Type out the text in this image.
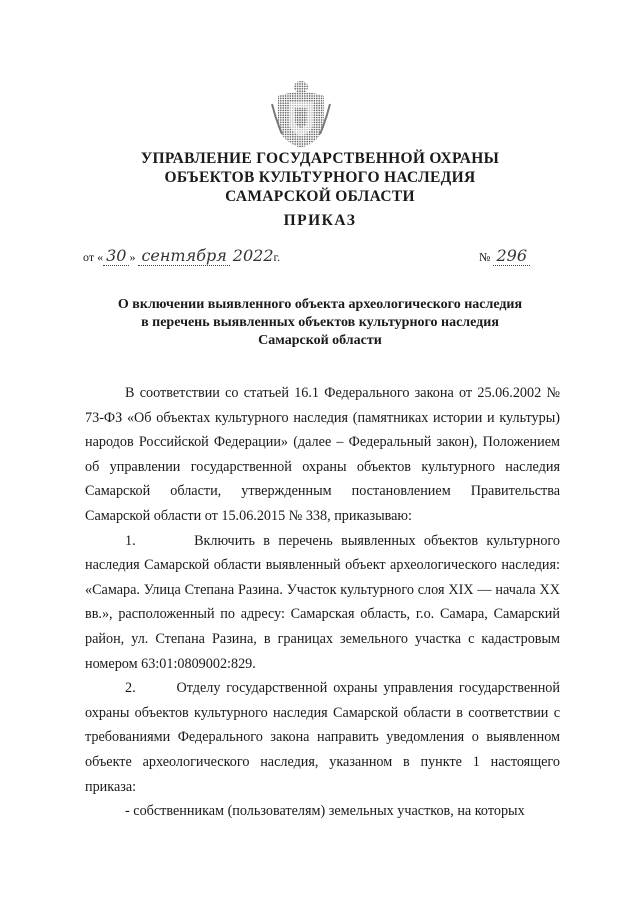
УПРАВЛЕНИЕ ГОСУДАРСТВЕННОЙ ОХРАНЫ
ОБЪЕКТОВ КУЛЬТУРНОГО НАСЛЕДИЯ
САМАРСКОЙ ОБЛАСТИ
ПРИКАЗ
от « 30 » сентября 2022г.	№ 296
О включении выявленного объекта археологического наследия
в перечень выявленных объектов культурного наследия
Самарской области

В соответствии со статьей 16.1 Федерального закона от 25.06.2002 № 73-ФЗ «Об объектах культурного наследия (памятниках истории и культуры) народов Российской Федерации» (далее – Федеральный закон), Положением об управлении государственной охраны объектов культурного наследия Самарской области, утвержденным постановлением Правительства Самарской области от 15.06.2015 № 338, приказываю:

1.       Включить в перечень выявленных объектов культурного наследия Самарской области выявленный объект археологического наследия: «Самара. Улица Степана Разина. Участок культурного слоя XIX — начала XX вв.», расположенный по адресу: Самарская область, г.о. Самара, Самарский район, ул. Степана Разина, в границах земельного участка с кадастровым номером 63:01:0809002:829.

2.       Отделу государственной охраны управления государственной охраны объектов культурного наследия Самарской области в соответствии с требованиями Федерального закона направить уведомления о выявленном объекте археологического наследия, указанном в пункте 1 настоящего приказа:

- собственникам (пользователям) земельных участков, на которых
